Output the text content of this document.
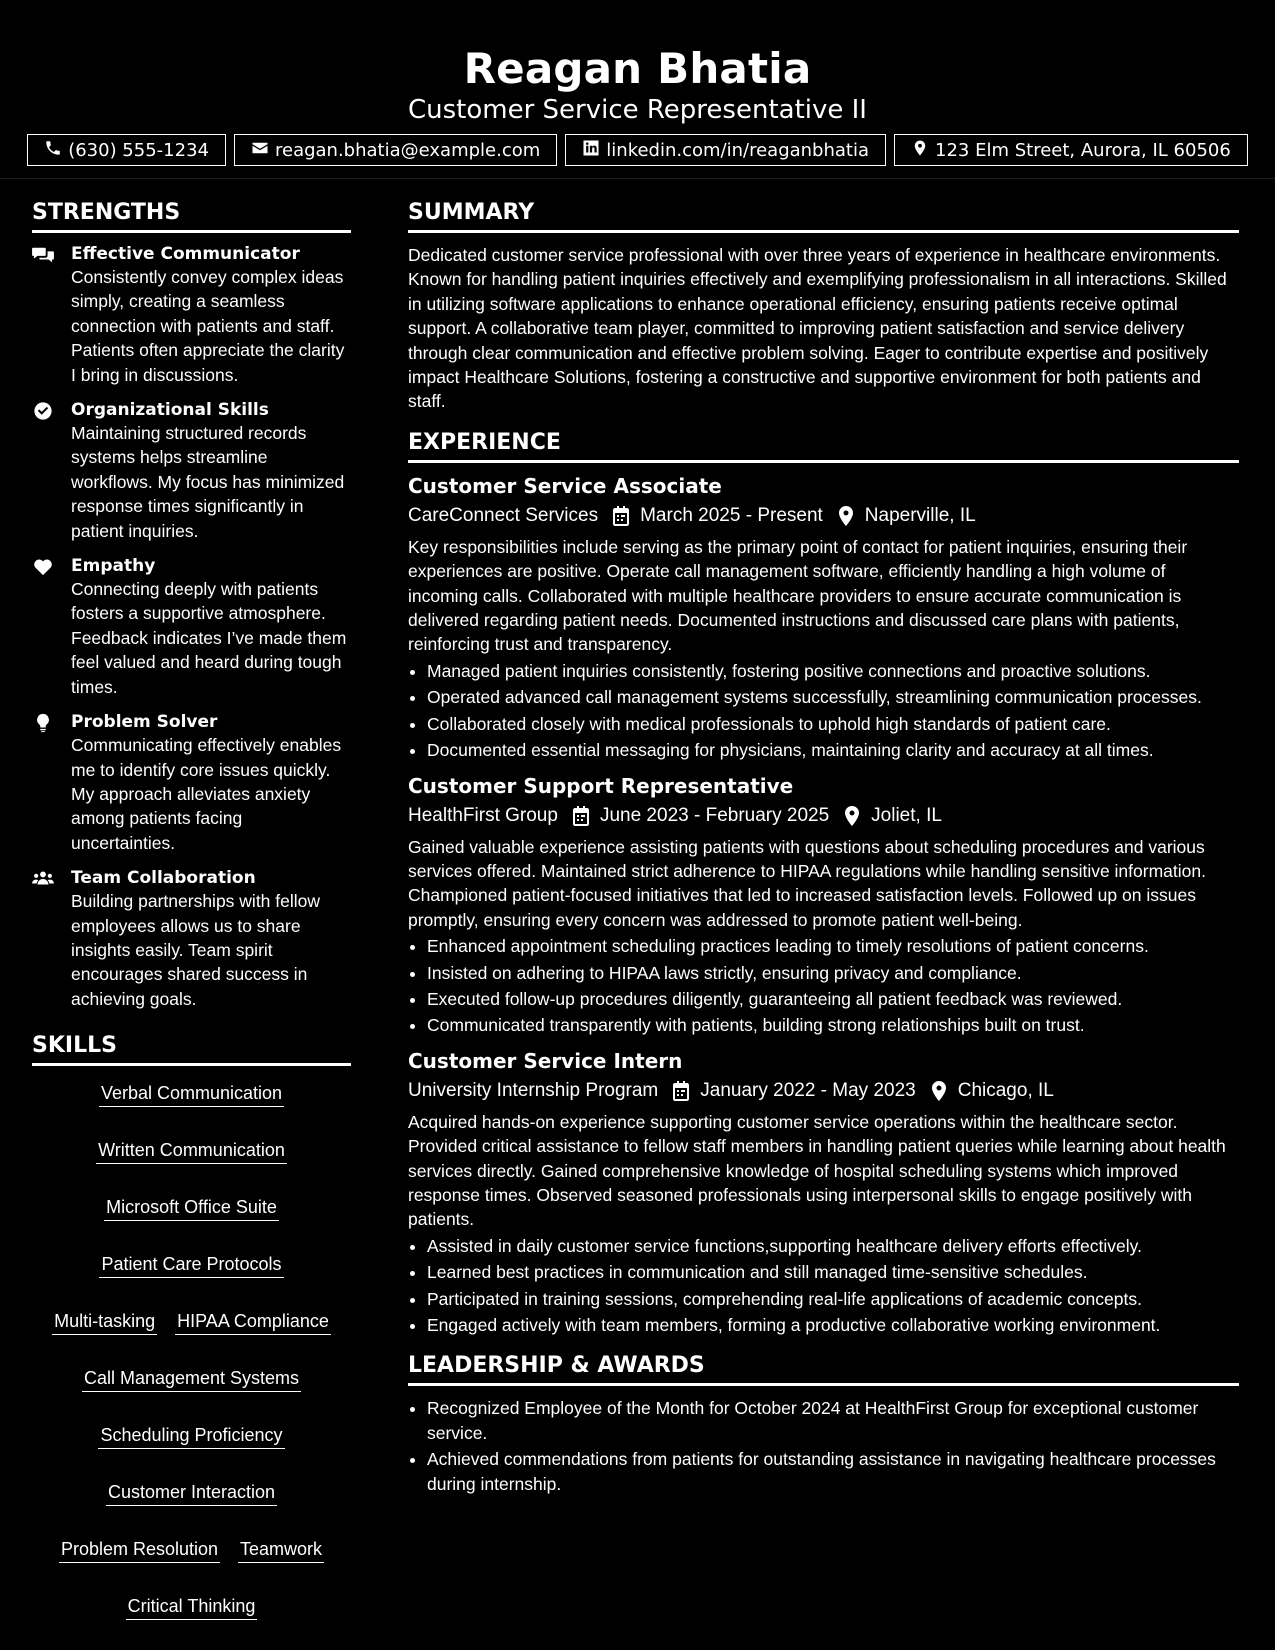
Reagan Bhatia
Customer Service Representative II
(630) 555-1234	reagan.bhatia@example.com	linkedin.com/in/reaganbhatia	123 Elm Street, Aurora, IL 60506
STRENGTHS
Effective Communicator
Consistently convey complex ideas simply, creating a seamless connection with patients and staff. Patients often appreciate the clarity I bring in discussions.
Organizational Skills
Maintaining structured records systems helps streamline workflows. My focus has minimized response times significantly in patient inquiries.
Empathy
Connecting deeply with patients fosters a supportive atmosphere. Feedback indicates I’ve made them feel valued and heard during tough times.
Problem Solver
Communicating effectively enables me to identify core issues quickly. My approach alleviates anxiety among patients facing uncertainties.
Team Collaboration
Building partnerships with fellow employees allows us to share insights easily. Team spirit encourages shared success in achieving goals.
SKILLS
Verbal Communication
Written Communication
Microsoft Office Suite
Patient Care Protocols
Multi-tasking HIPAA Compliance
Call Management Systems
Scheduling Proficiency
Customer Interaction
Problem Resolution Teamwork
Critical Thinking
SUMMARY
Dedicated customer service professional with over three years of experience in healthcare environments. Known for handling patient inquiries effectively and exemplifying professionalism in all interactions. Skilled in utilizing software applications to enhance operational efficiency, ensuring patients receive optimal support. A collaborative team player, committed to improving patient satisfaction and service delivery through clear communication and effective problem solving. Eager to contribute expertise and positively impact Healthcare Solutions, fostering a constructive and supportive environment for both patients and staff.
EXPERIENCE
Customer Service Associate
CareConnect Services March 2025 - Present Naperville, IL
Key responsibilities include serving as the primary point of contact for patient inquiries, ensuring their experiences are positive. Operate call management software, efficiently handling a high volume of incoming calls. Collaborated with multiple healthcare providers to ensure accurate communication is delivered regarding patient needs. Documented instructions and discussed care plans with patients, reinforcing trust and transparency.
• Managed patient inquiries consistently, fostering positive connections and proactive solutions.
• Operated advanced call management systems successfully, streamlining communication processes.
• Collaborated closely with medical professionals to uphold high standards of patient care.
• Documented essential messaging for physicians, maintaining clarity and accuracy at all times.
Customer Support Representative
HealthFirst Group June 2023 - February 2025 Joliet, IL
Gained valuable experience assisting patients with questions about scheduling procedures and various services offered. Maintained strict adherence to HIPAA regulations while handling sensitive information. Championed patient-focused initiatives that led to increased satisfaction levels. Followed up on issues promptly, ensuring every concern was addressed to promote patient well-being.
• Enhanced appointment scheduling practices leading to timely resolutions of patient concerns.
• Insisted on adhering to HIPAA laws strictly, ensuring privacy and compliance.
• Executed follow-up procedures diligently, guaranteeing all patient feedback was reviewed.
• Communicated transparently with patients, building strong relationships built on trust.
Customer Service Intern
University Internship Program January 2022 - May 2023 Chicago, IL
Acquired hands-on experience supporting customer service operations within the healthcare sector. Provided critical assistance to fellow staff members in handling patient queries while learning about health services directly. Gained comprehensive knowledge of hospital scheduling systems which improved response times. Observed seasoned professionals using interpersonal skills to engage positively with patients.
• Assisted in daily customer service functions,supporting healthcare delivery efforts effectively.
• Learned best practices in communication and still managed time-sensitive schedules.
• Participated in training sessions, comprehending real-life applications of academic concepts.
• Engaged actively with team members, forming a productive collaborative working environment.
LEADERSHIP & AWARDS
• Recognized Employee of the Month for October 2024 at HealthFirst Group for exceptional customer service.
• Achieved commendations from patients for outstanding assistance in navigating healthcare processes during internship.
